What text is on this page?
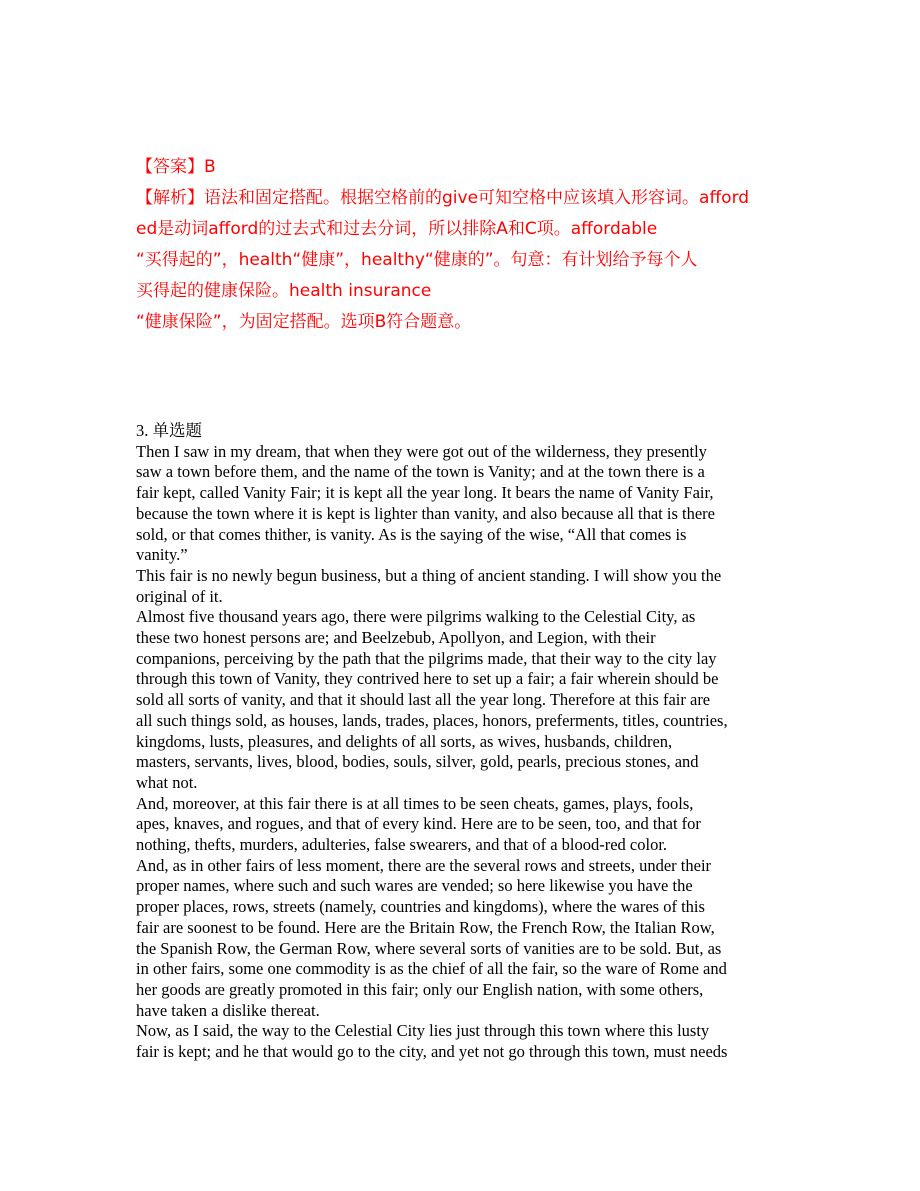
【答案】B
【解析】语法和固定搭配。根据空格前的give可知空格中应该填入形容词。afford
ed是动词afford的过去式和过去分词，所以排除A和C项。affordable
“买得起的”，health“健康”，healthy“健康的”。句意：有计划给予每个人
买得起的健康保险。health insurance
“健康保险”，为固定搭配。选项B符合题意。
3. 单选题
Then I saw in my dream, that when they were got out of the wilderness, they presently
saw a town before them, and the name of the town is Vanity; and at the town there is a
fair kept, called Vanity Fair; it is kept all the year long. It bears the name of Vanity Fair,
because the town where it is kept is lighter than vanity, and also because all that is there
sold, or that comes thither, is vanity. As is the saying of the wise, “All that comes is
vanity.”
This fair is no newly begun business, but a thing of ancient standing. I will show you the
original of it.
Almost five thousand years ago, there were pilgrims walking to the Celestial City, as
these two honest persons are; and Beelzebub, Apollyon, and Legion, with their
companions, perceiving by the path that the pilgrims made, that their way to the city lay
through this town of Vanity, they contrived here to set up a fair; a fair wherein should be
sold all sorts of vanity, and that it should last all the year long. Therefore at this fair are
all such things sold, as houses, lands, trades, places, honors, preferments, titles, countries,
kingdoms, lusts, pleasures, and delights of all sorts, as wives, husbands, children,
masters, servants, lives, blood, bodies, souls, silver, gold, pearls, precious stones, and
what not.
And, moreover, at this fair there is at all times to be seen cheats, games, plays, fools,
apes, knaves, and rogues, and that of every kind. Here are to be seen, too, and that for
nothing, thefts, murders, adulteries, false swearers, and that of a blood-red color.
And, as in other fairs of less moment, there are the several rows and streets, under their
proper names, where such and such wares are vended; so here likewise you have the
proper places, rows, streets (namely, countries and kingdoms), where the wares of this
fair are soonest to be found. Here are the Britain Row, the French Row, the Italian Row,
the Spanish Row, the German Row, where several sorts of vanities are to be sold. But, as
in other fairs, some one commodity is as the chief of all the fair, so the ware of Rome and
her goods are greatly promoted in this fair; only our English nation, with some others,
have taken a dislike thereat.
Now, as I said, the way to the Celestial City lies just through this town where this lusty
fair is kept; and he that would go to the city, and yet not go through this town, must needs
